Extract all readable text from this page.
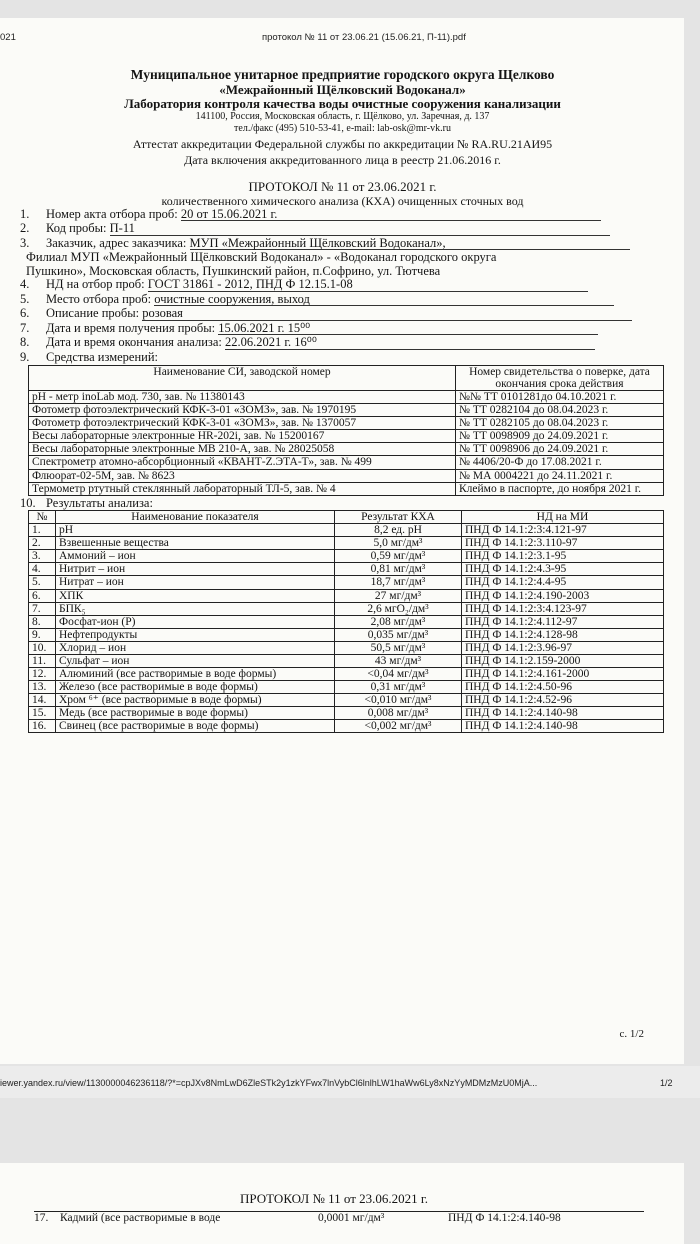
021	протокол № 11 от 23.06.21 (15.06.21, П-11).pdf
Муниципальное унитарное предприятие городского округа Щелково
«Межрайонный Щёлковский Водоканал»
Лаборатория контроля качества воды очистные сооружения канализации
141100, Россия, Московская область, г. Щёлково, ул. Заречная, д. 137
тел./факс (495) 510-53-41, e-mail: lab-osk@mr-vk.ru
Аттестат аккредитации Федеральной службы по аккредитации № RA.RU.21АИ95
Дата включения аккредитованного лица в реестр 21.06.2016 г.
ПРОТОКОЛ № 11 от 23.06.2021 г.
количественного химического анализа (КХА) очищенных сточных вод
1. Номер акта отбора проб: 20 от 15.06.2021 г.
2. Код пробы: П-11
3. Заказчик, адрес заказчика: МУП «Межрайонный Щёлковский Водоканал»,
Филиал МУП «Межрайонный Щёлковский Водоканал» - «Водоканал городского округа
Пушкино», Московская область, Пушкинский район, п.Софрино, ул. Тютчева
4. НД на отбор проб: ГОСТ 31861 - 2012, ПНД Ф 12.15.1-08
5. Место отбора проб: очистные сооружения, выход
6. Описание пробы: розовая
7. Дата и время получения пробы: 15.06.2021 г. 15⁰⁰
8. Дата и время окончания анализа: 22.06.2021 г. 16⁰⁰
9. Средства измерений:
Наименование СИ, заводской номер	Номер свидетельства о поверке, дата окончания срока действия
pH - метр inoLab мод. 730, зав. № 11380143	№№ ТТ 0101281до 04.10.2021 г.
Фотометр фотоэлектрический КФК-3-01 «ЗОМЗ», зав. № 1970195	№ ТТ 0282104 до 08.04.2023 г.
Фотометр фотоэлектрический КФК-3-01 «ЗОМЗ», зав. № 1370057	№ ТТ 0282105 до 08.04.2023 г.
Весы лабораторные электронные HR-202i, зав. № 15200167	№ ТТ 0098909 до 24.09.2021 г.
Весы лабораторные электронные MB 210-A, зав. № 28025058	№ ТТ 0098906 до 24.09.2021 г.
Спектрометр атомно-абсорбционный «КВАНТ-Z.ЭТА-Т», зав. № 499	№ 4406/20-Ф до 17.08.2021 г.
Флюорат-02-5М, зав. № 8623	№ МА 0004221 до 24.11.2021 г.
Термометр ртутный стеклянный лабораторный ТЛ-5, зав. № 4	Клеймо в паспорте, до ноября 2021 г.
10. Результаты анализа:
№	Наименование показателя	Результат КХА	НД на МИ
1.	pH	8,2 ед. pH	ПНД Ф 14.1:2:3:4.121-97
2.	Взвешенные вещества	5,0 мг/дм³	ПНД Ф 14.1:2:3.110-97
3.	Аммоний – ион	0,59 мг/дм³	ПНД Ф 14.1:2:3.1-95
4.	Нитрит – ион	0,81 мг/дм³	ПНД Ф 14.1:2:4.3-95
5.	Нитрат – ион	18,7 мг/дм³	ПНД Ф 14.1:2:4.4-95
6.	ХПК	27 мг/дм³	ПНД Ф 14.1:2:4.190-2003
7.	БПК₅	2,6 мгО₂/дм³	ПНД Ф 14.1:2:3:4.123-97
8.	Фосфат-ион (Р)	2,08 мг/дм³	ПНД Ф 14.1:2:4.112-97
9.	Нефтепродукты	0,035 мг/дм³	ПНД Ф 14.1:2:4.128-98
10.	Хлорид – ион	50,5 мг/дм³	ПНД Ф 14.1:2:3.96-97
11.	Сульфат – ион	43 мг/дм³	ПНД Ф 14.1:2.159-2000
12.	Алюминий (все растворимые в воде формы)	<0,04 мг/дм³	ПНД Ф 14.1:2:4.161-2000
13.	Железо (все растворимые в воде формы)	0,31 мг/дм³	ПНД Ф 14.1:2:4.50-96
14.	Хром ⁶⁺ (все растворимые в воде формы)	<0,010 мг/дм³	ПНД Ф 14.1:2:4.52-96
15.	Медь (все растворимые в воде формы)	0,008 мг/дм³	ПНД Ф 14.1:2:4.140-98
16.	Свинец (все растворимые в воде формы)	<0,002 мг/дм³	ПНД Ф 14.1:2:4.140-98
с. 1/2
iewer.yandex.ru/view/1130000046236118/?*=cpJXv8NmLwD6ZleSTk2y1zkYFwx7lnVybCl6lnlhLW1haWw6Ly8xNzYyMDMzMzU0MjA...	1/2
ПРОТОКОЛ № 11 от 23.06.2021 г.
17. Кадмий (все растворимые в воде	0,0001 мг/дм³	ПНД Ф 14.1:2:4.140-98
